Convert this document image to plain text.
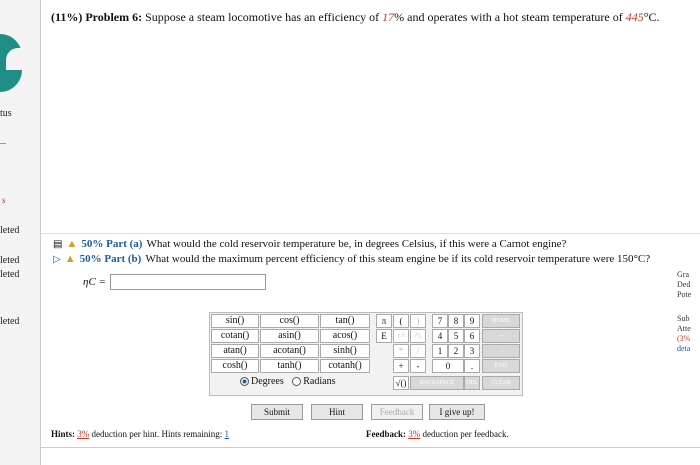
tus
s
leted
leted
leted
leted
(11%) Problem 6: Suppose a steam locomotive has an efficiency of 17% and operates with a hot steam temperature of 445°C.
▤ ▲ 50% Part (a) What would the cold reservoir temperature be, in degrees Celsius, if this were a Carnot engine?
▷ ▲ 50% Part (b) What would the maximum percent efficiency of this steam engine be if its cold reservoir temperature were 150°C?
ηC =
Gra
Ded
Pote
Sub
Atte
(3%
deta
sin()	cos()	tan()
cotan()	asin()	acos()
atan()	acotan()	sinh()
cosh()	tanh()	cotanh()
Degrees Radians
π	(	)	7	8	9	HOME
E	↑^	^\	4	5	6	—
*	/	1	2	3	→
+	-	0	.	END
√()	BACKSPACE	DEL	CLEAR
Submit	Hint	Feedback	I give up!
Hints: 3% deduction per hint. Hints remaining: 1	Feedback: 3% deduction per feedback.
